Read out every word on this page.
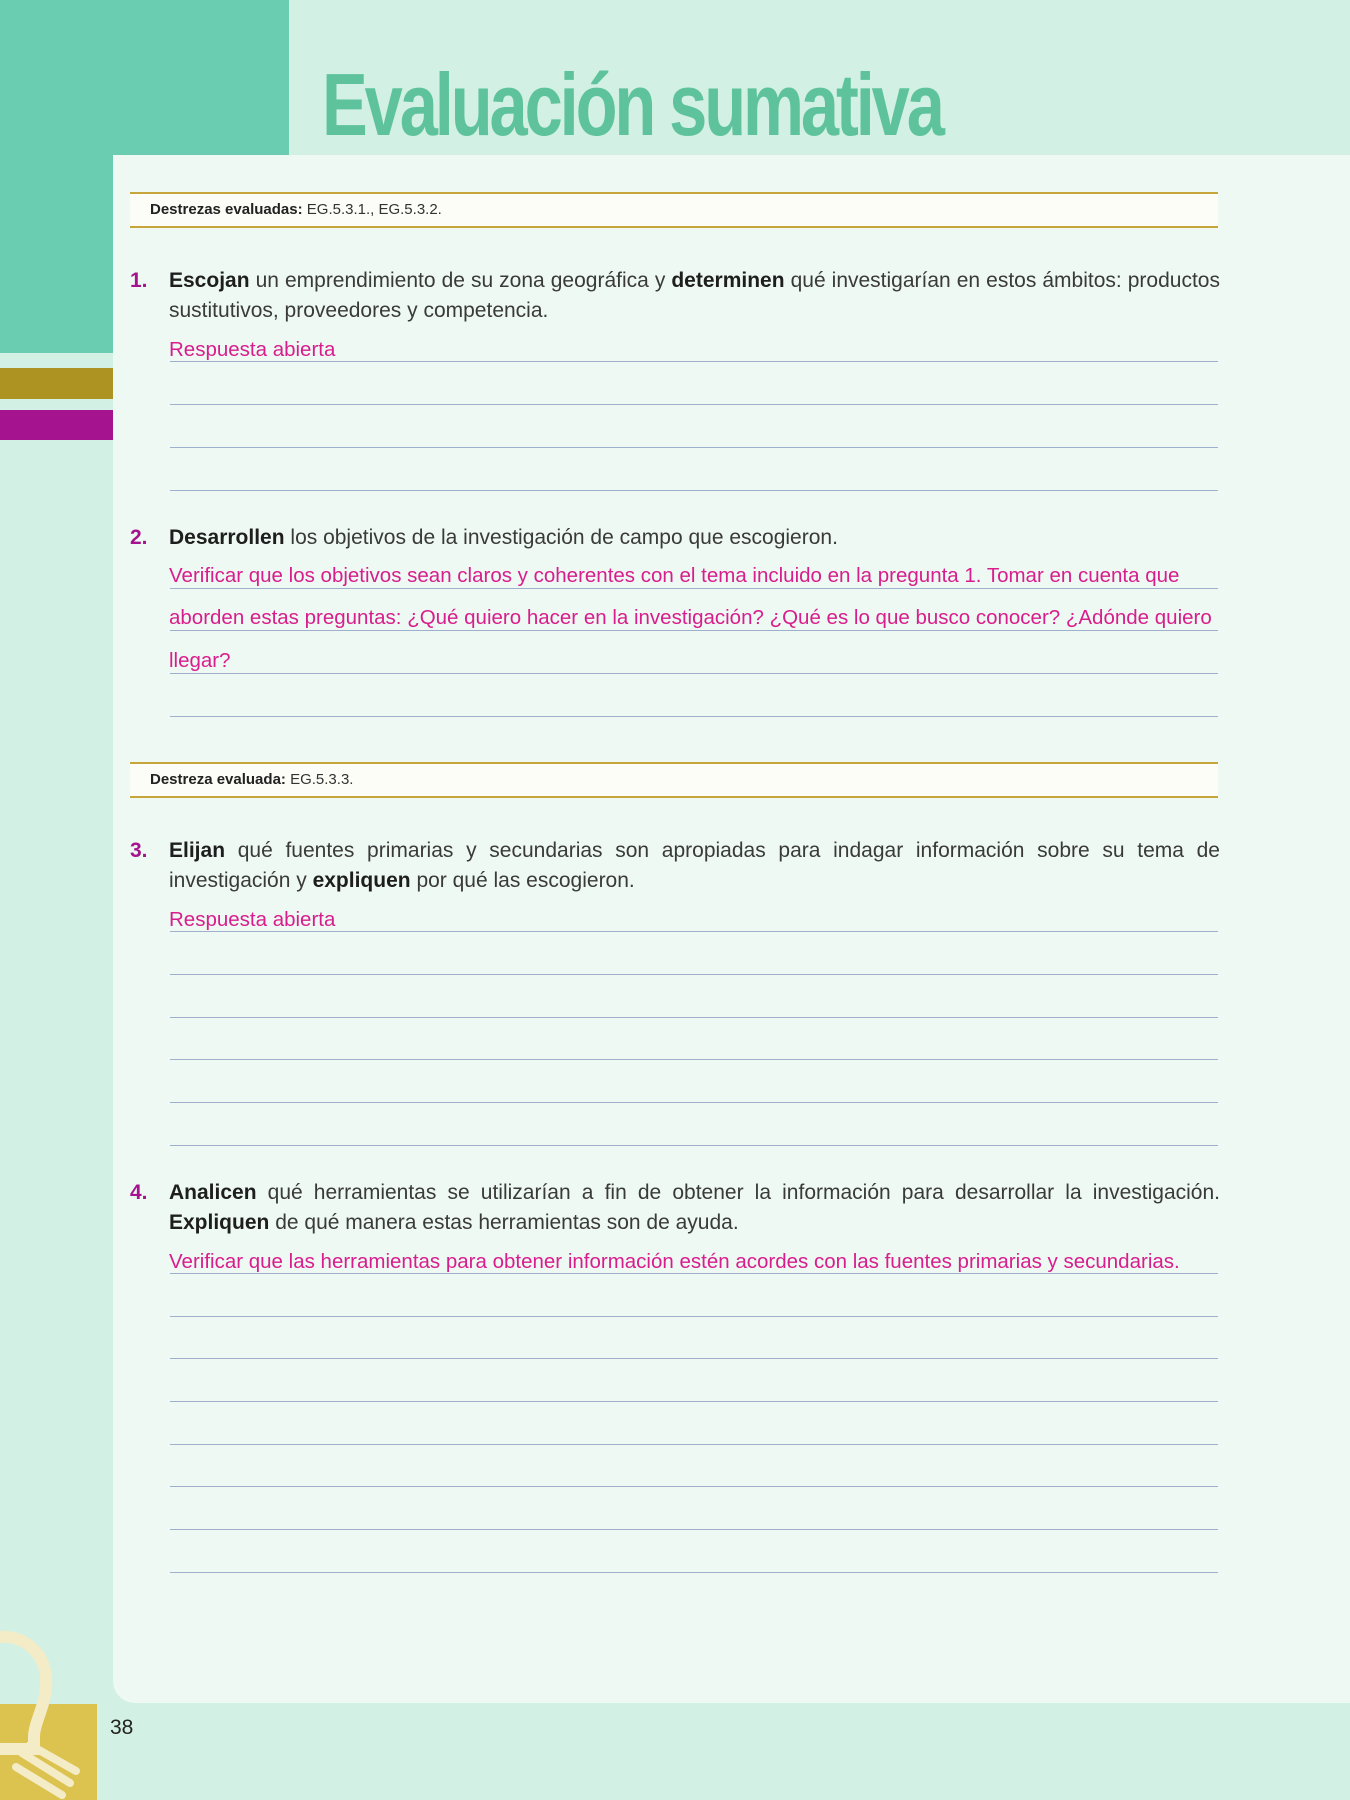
Evaluación sumativa
Destrezas evaluadas: EG.5.3.1., EG.5.3.2.
1. Escojan un emprendimiento de su zona geográfica y determinen qué investigarían en estos ámbitos: productos sustitutivos, proveedores y competencia.
Respuesta abierta
2. Desarrollen los objetivos de la investigación de campo que escogieron.
Verificar que los objetivos sean claros y coherentes con el tema incluido en la pregunta 1. Tomar en cuenta que
aborden estas preguntas: ¿Qué quiero hacer en la investigación? ¿Qué es lo que busco conocer? ¿Adónde quiero
llegar?
Destreza evaluada: EG.5.3.3.
3. Elijan qué fuentes primarias y secundarias son apropiadas para indagar información sobre su tema de investigación y expliquen por qué las escogieron.
Respuesta abierta
4. Analicen qué herramientas se utilizarían a fin de obtener la información para desarrollar la investigación. Expliquen de qué manera estas herramientas son de ayuda.
Verificar que las herramientas para obtener información estén acordes con las fuentes primarias y secundarias.
38
